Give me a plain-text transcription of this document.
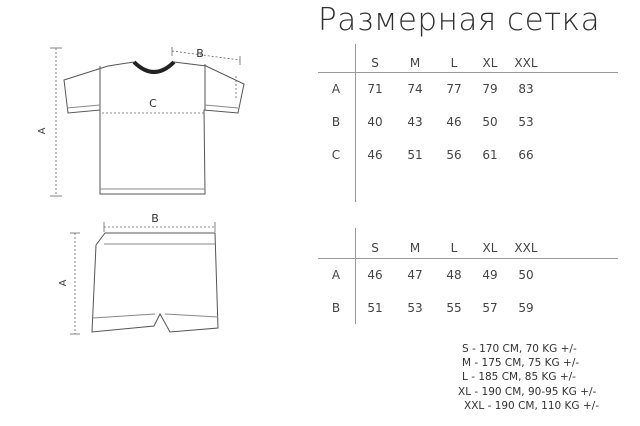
Размерная сетка
A
B
C
B
A
S	M	L	XL	XXL
A	71	74	77	79	83
B	40	43	46	50	53
C	46	51	56	61	66
S	M	L	XL	XXL
A	46	47	48	49	50
B	51	53	55	57	59
S - 170 CM, 70 KG +/-
M - 175 CM, 75 KG +/-
L - 185 CM, 85 KG +/-
XL - 190 CM, 90-95 KG +/-
XXL - 190 CM, 110 KG +/-
